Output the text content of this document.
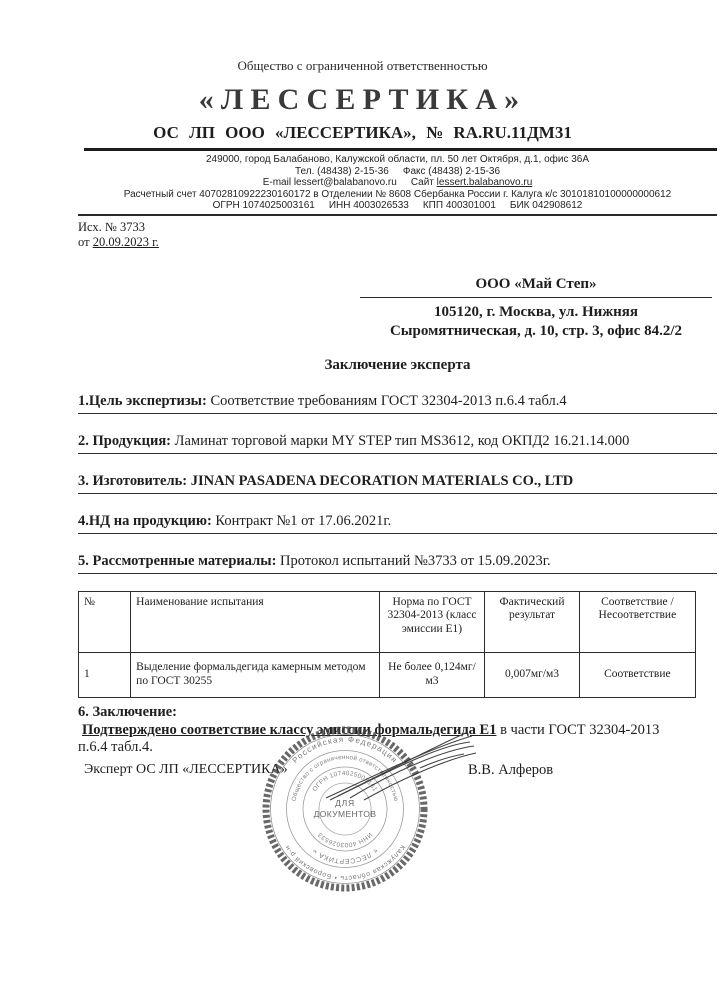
Общество с ограниченной ответственностью
«ЛЕССЕРТИКА»
ОС ЛП ООО «ЛЕССЕРТИКА», № RA.RU.11ДМ31
249000, город Балабаново, Калужской области, пл. 50 лет Октября, д.1, офис 36А
Тел. (48438) 2-15-36 Факс (48438) 2-15-36
E-mail lessert@balabanovo.ru Сайт lessert.balabanovo.ru
Расчетный счет 40702810922230160172 в Отделении № 8608 Сбербанка России г. Калуга к/с 30101810100000000612
ОГРН 1074025003161 ИНН 4003026533 КПП 400301001 БИК 042908612
Исх. № 3733
от 20.09.2023 г.
ООО «Май Степ»
105120, г. Москва, ул. Нижняя
Сыромятническая, д. 10, стр. 3, офис 84.2/2
Заключение эксперта

1.Цель экспертизы: Соответствие требованиям ГОСТ 32304-2013 п.6.4 табл.4

2. Продукция: Ламинат торговой марки MY STEP тип MS3612, код ОКПД2 16.21.14.000

3. Изготовитель: JINAN PASADENA DECORATION MATERIALS CO., LTD

4.НД на продукцию: Контракт №1 от 17.06.2021г.

5. Рассмотренные материалы: Протокол испытаний №3733 от 15.09.2023г.

№	Наименование испытания	Норма по ГОСТ 32304-2013 (класс эмиссии Е1)	Фактический результат	Соответствие / Несоответствие
1	Выделение формальдегида камерным методом по ГОСТ 30255	Не более 0,124мг/м3	0,007мг/м3	Соответствие
6. Заключение:
Подтверждено соответствие классу эмиссии формальдегида Е1 в части ГОСТ 32304-2013
п.6.4 табл.4.
Эксперт ОС ЛП «ЛЕССЕРТИКА»	В.В. Алферов
Российская Федерация
Калужская область • Боровский р-н
Общество с ограниченной ответственностью
« ЛЕССЕРТИКА »
ОГРН 1074025003161
ИНН 4003026533
ДЛЯ
ДОКУМЕНТОВ
